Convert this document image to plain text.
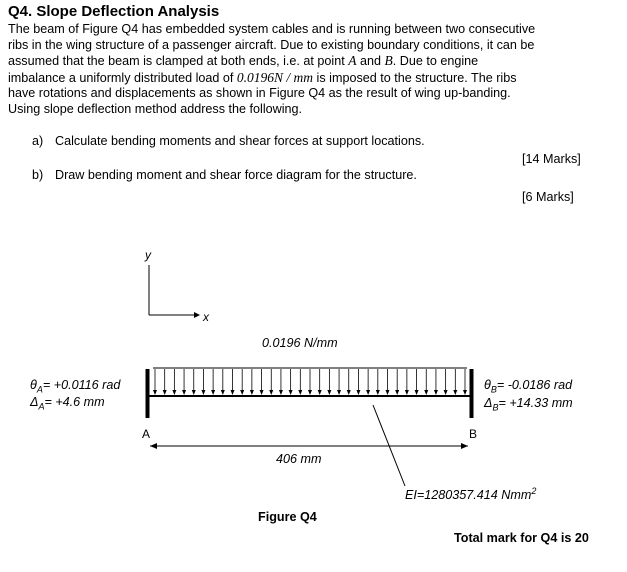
Q4. Slope Deflection Analysis
The beam of Figure Q4 has embedded system cables and is running between two consecutive
ribs in the wing structure of a passenger aircraft. Due to existing boundary conditions, it can be
assumed that the beam is clamped at both ends, i.e. at point A and B. Due to engine
imbalance a uniformly distributed load of 0.0196N / mm is imposed to the structure. The ribs
have rotations and displacements as shown in Figure Q4 as the result of wing up-banding.
Using slope deflection method address the following.
a) Calculate bending moments and shear forces at support locations.
[14 Marks]
b) Draw bending moment and shear force diagram for the structure.
[6 Marks]
y
x
0.0196 N/mm
$\theta_A= +0.0116$ rad
$\Delta_A= +4.6$ mm
$\theta_B= -0.0186$ rad
$\Delta_B= +14.33$ mm
A	B
406 mm
EI=1280357.414 Nmm$^2$
Figure Q4
Total mark for Q4 is 20
